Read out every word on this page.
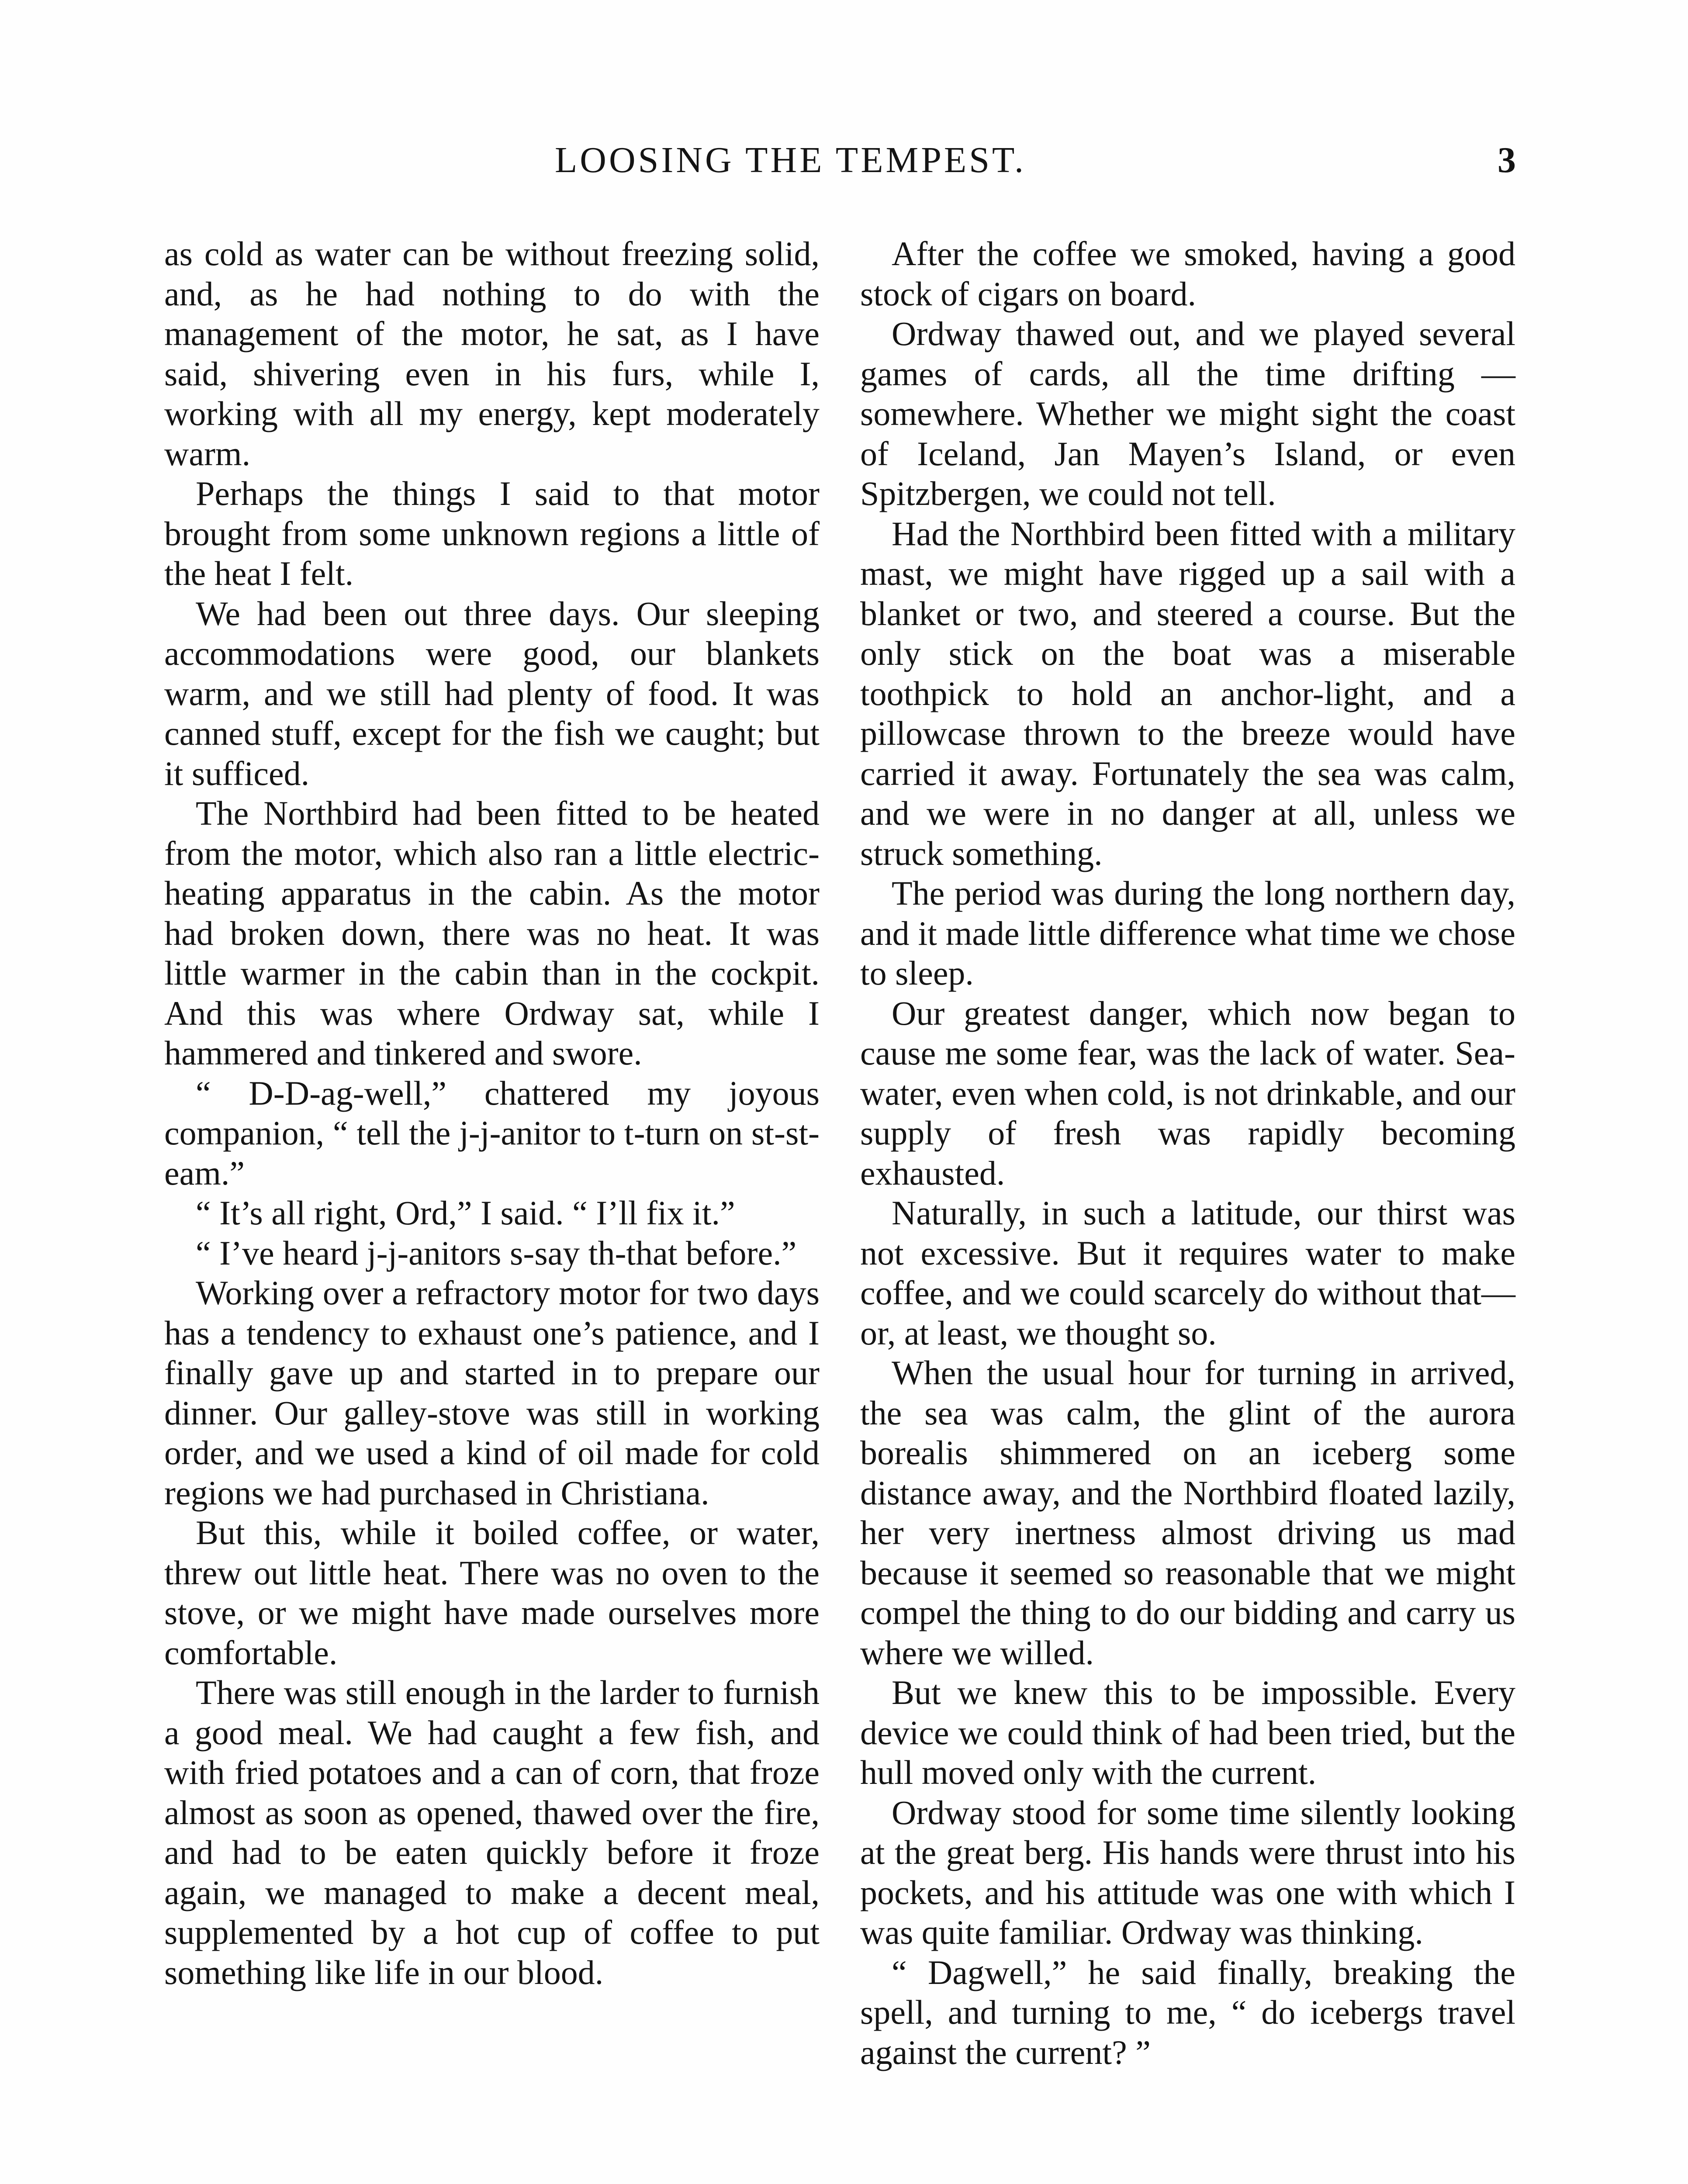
LOOSING THE TEMPEST.	3

as cold as water can be without freezing solid, and, as he had nothing to do with the management of the motor, he sat, as I have said, shivering even in his furs, while I, working with all my energy, kept moderately warm.

Perhaps the things I said to that motor brought from some unknown regions a little of the heat I felt.

We had been out three days. Our sleeping accommodations were good, our blankets warm, and we still had plenty of food. It was canned stuff, except for the fish we caught; but it sufficed.

The Northbird had been fitted to be heated from the motor, which also ran a little electric-heating apparatus in the cabin. As the motor had broken down, there was no heat. It was little warmer in the cabin than in the cockpit. And this was where Ordway sat, while I hammered and tinkered and swore.

“ D-D-ag-well,” chattered my joyous companion, “ tell the j-j-anitor to t-turn on st-st-eam.”

“ It’s all right, Ord,” I said. “ I’ll fix it.”

“ I’ve heard j-j-anitors s-say th-that before.”

Working over a refractory motor for two days has a tendency to exhaust one’s patience, and I finally gave up and started in to prepare our dinner. Our galley-stove was still in working order, and we used a kind of oil made for cold regions we had purchased in Christiana.

But this, while it boiled coffee, or water, threw out little heat. There was no oven to the stove, or we might have made ourselves more comfortable.

There was still enough in the larder to furnish a good meal. We had caught a few fish, and with fried potatoes and a can of corn, that froze almost as soon as opened, thawed over the fire, and had to be eaten quickly before it froze again, we managed to make a decent meal, supplemented by a hot cup of coffee to put something like life in our blood.

After the coffee we smoked, having a good stock of cigars on board.

Ordway thawed out, and we played several games of cards, all the time drifting — somewhere. Whether we might sight the coast of Iceland, Jan Mayen’s Island, or even Spitzbergen, we could not tell.

Had the Northbird been fitted with a military mast, we might have rigged up a sail with a blanket or two, and steered a course. But the only stick on the boat was a miserable toothpick to hold an anchor-light, and a pillowcase thrown to the breeze would have carried it away. Fortunately the sea was calm, and we were in no danger at all, unless we struck something.

The period was during the long northern day, and it made little difference what time we chose to sleep.

Our greatest danger, which now began to cause me some fear, was the lack of water. Sea-water, even when cold, is not drinkable, and our supply of fresh was rapidly becoming exhausted.

Naturally, in such a latitude, our thirst was not excessive. But it requires water to make coffee, and we could scarcely do without that—or, at least, we thought so.

When the usual hour for turning in arrived, the sea was calm, the glint of the aurora borealis shimmered on an iceberg some distance away, and the Northbird floated lazily, her very inertness almost driving us mad because it seemed so reasonable that we might compel the thing to do our bidding and carry us where we willed.

But we knew this to be impossible. Every device we could think of had been tried, but the hull moved only with the current.

Ordway stood for some time silently looking at the great berg. His hands were thrust into his pockets, and his attitude was one with which I was quite familiar. Ordway was thinking.

“ Dagwell,” he said finally, breaking the spell, and turning to me, “ do icebergs travel against the current? ”
